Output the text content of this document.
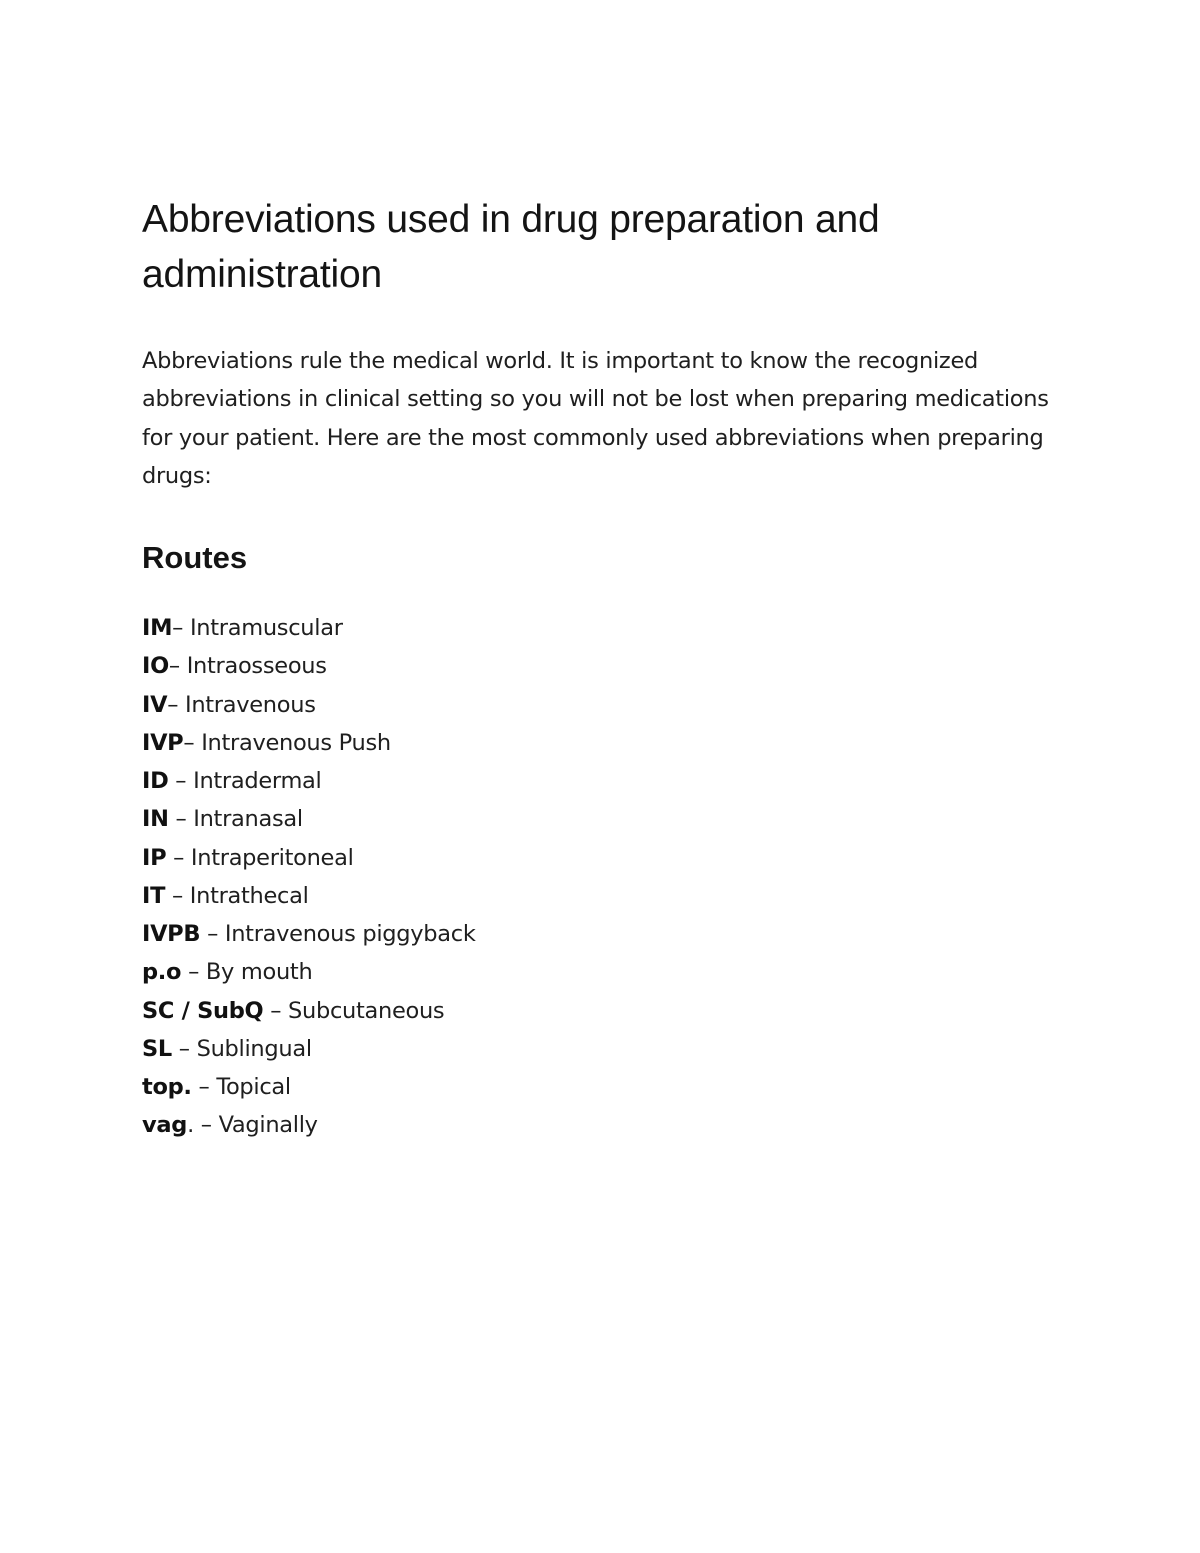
Abbreviations used in drug preparation and administration

Abbreviations rule the medical world. It is important to know the recognized abbreviations in clinical setting so you will not be lost when preparing medications for your patient. Here are the most commonly used abbreviations when preparing drugs:

Routes
IM– Intramuscular
IO– Intraosseous
IV– Intravenous
IVP– Intravenous Push
ID – Intradermal
IN – Intranasal
IP – Intraperitoneal
IT – Intrathecal
IVPB – Intravenous piggyback
p.o – By mouth
SC / SubQ – Subcutaneous
SL – Sublingual
top. – Topical
vag. – Vaginally
